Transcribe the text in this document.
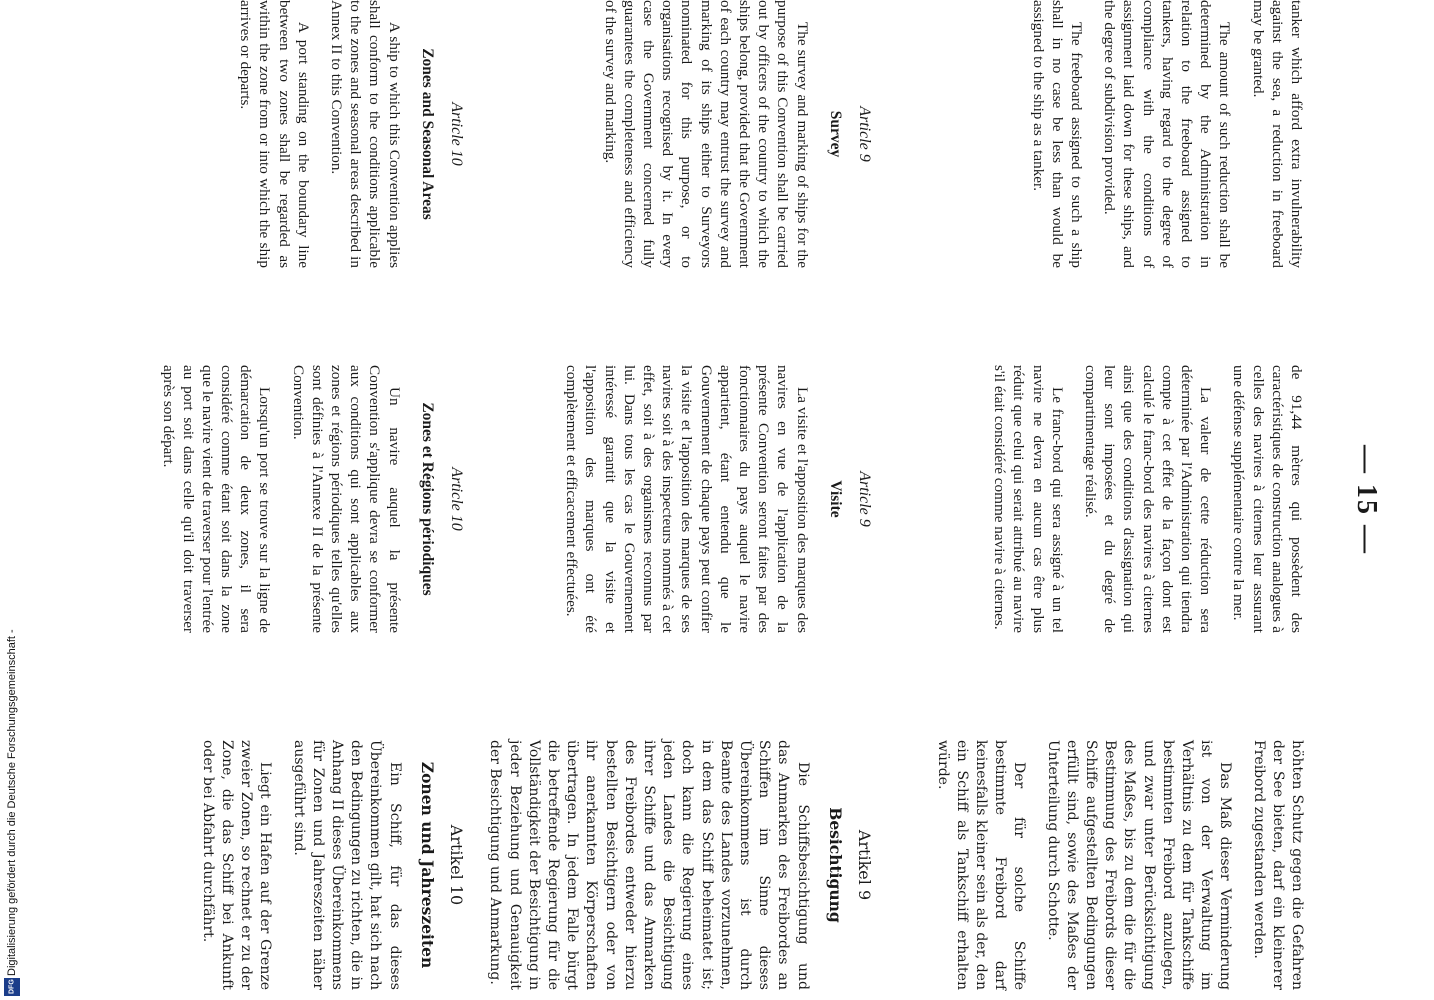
— 15 —

tanker which afford extra invulnerability against the sea, a reduction in freeboard may be granted.

The amount of such reduction shall be determined by the Administration in relation to the freeboard assigned to tankers, having regard to the degree of compliance with the conditions of assignment laid down for these ships, and the degree of subdivision provided.

The freeboard assigned to such a ship shall in no case be less than would be assigned to the ship as a tanker.

Article 9
Survey

The survey and marking of ships for the purpose of this Convention shall be carried out by officers of the country to which the ships belong, provided that the Government of each country may entrust the survey and marking of its ships either to Surveyors nominated for this purpose, or to organisations recognised by it. In every case the Government concerned fully guarantees the completeness and efficiency of the survey and marking.

Article 10
Zones and Seasonal Areas

A ship to which this Convention applies shall conform to the conditions applicable to the zones and seasonal areas described in Annex II to this Convention.

A port standing on the boundary line between two zones shall be regarded as within the zone from or into which the ship arrives or departs.

de 91,44 mètres qui possèdent des caractéristiques de construction analogues à celles des navires à citernes leur assurant une défense supplémentaire contre la mer.

La valeur de cette réduction sera déterminée par l'Administration qui tiendra compte à cet effet de la façon dont est calculé le franc-bord des navires à citernes ainsi que des conditions d'assignation qui leur sont imposées et du degré de compartimentage réalisé.

Le franc-bord qui sera assigné à un tel navire ne devra en aucun cas être plus réduit que celui qui serait attribué au navire s'il était considéré comme navire à citernes.

Article 9
Visite

La visite et l'apposition des marques des navires en vue de l'application de la présente Convention seront faites par des fonctionnaires du pays auquel le navire appartient, étant entendu que le Gouvernement de chaque pays peut confier la visite et l'apposition des marques de ses navires soit à des inspecteurs nommés à cet effet, soit à des organismes reconnus par lui. Dans tous les cas le Gouvernement intéressé garantit que la visite et l'apposition des marques ont été complètement et efficacement effectuées.

Article 10
Zones et Régions périodiques

Un navire auquel la présente Convention s'applique devra se conformer aux conditions qui sont applicables aux zones et régions périodiques telles qu'elles sont définies à l'Annexe II de la présente Convention.

Lorsqu'un port se trouve sur la ligne de démarcation de deux zones, il sera considéré comme étant soit dans la zone que le navire vient de traverser pour l'entrée au port soit dans celle qu'il doit traverser après son départ.

höhten Schutz gegen die Gefahren der See bieten, darf ein kleinerer Freibord zugestanden werden.

Das Maß dieser Verminderung ist von der Verwaltung im Verhältnis zu dem für Tankschiffe bestimmten Freibord anzulegen, und zwar unter Berücksichtigung des Maßes, bis zu dem die für die Bestimmung des Freibords dieser Schiffe aufgestellten Bedingungen erfüllt sind, sowie des Maßes der Unterteilung durch Schotte.

Der für solche Schiffe bestimmte Freibord darf keinesfalls kleiner sein als der, den ein Schiff als Tankschiff erhalten würde.

Artikel 9
Besichtigung

Die Schiffsbesichtigung und das Anmarken des Freibordes an Schiffen im Sinne dieses Übereinkommens ist durch Beamte des Landes vorzunehmen, in dem das Schiff beheimatet ist; doch kann die Regierung eines jeden Landes die Besichtigung ihrer Schiffe und das Anmarken des Freibordes entweder hierzu bestellten Besichtigern oder von ihr anerkannten Körperschaften übertragen. In jedem Falle bürgt die betreffende Regierung für die Vollständigkeit der Besichtigung in jeder Beziehung und Genauigkeit der Besichtigung und Anmarkung.

Artikel 10
Zonen und Jahreszeiten

Ein Schiff, für das dieses Übereinkommen gilt, hat sich nach den Bedingungen zu richten, die in Anhang II dieses Übereinkommens für Zonen und Jahreszeiten näher ausgeführt sind.

Liegt ein Hafen auf der Grenze zweier Zonen, so rechnet er zu der Zone, die das Schiff bei Ankunft oder bei Abfahrt durchfährt.

Digitalisierung gefördert durch die Deutsche Forschungsgemeinschaft -
DFG
